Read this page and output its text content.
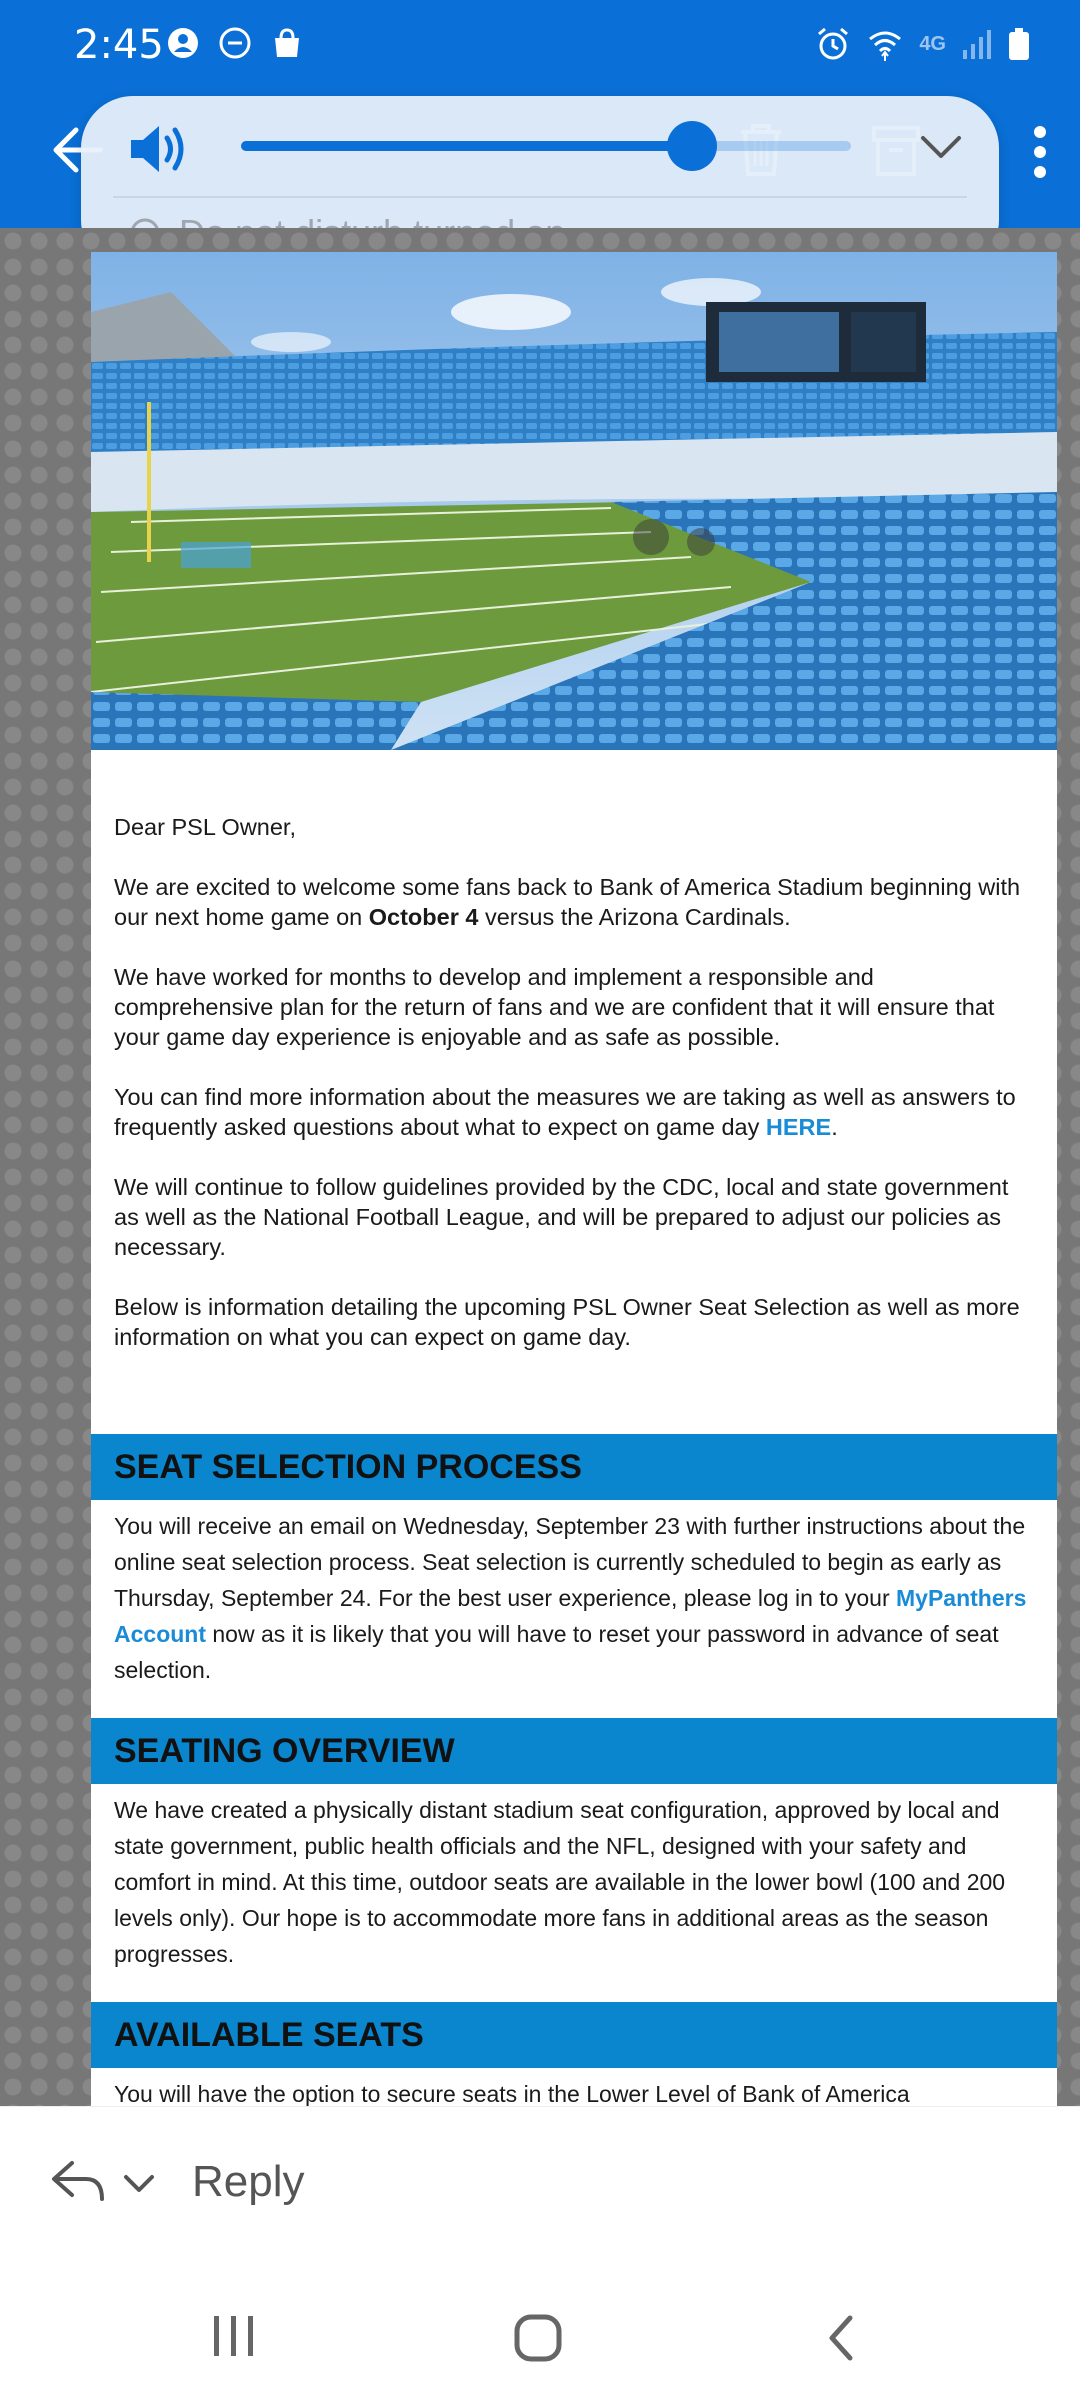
2:45	4G

Dear PSL Owner,

We are excited to welcome some fans back to Bank of America Stadium beginning with our next home game on October 4 versus the Arizona Cardinals.

We have worked for months to develop and implement a responsible and comprehensive plan for the return of fans and we are confident that it will ensure that your game day experience is enjoyable and as safe as possible.

You can find more information about the measures we are taking as well as answers to frequently asked questions about what to expect on game day HERE.

We will continue to follow guidelines provided by the CDC, local and state government as well as the National Football League, and will be prepared to adjust our policies as necessary.

Below is information detailing the upcoming PSL Owner Seat Selection as well as more information on what you can expect on game day.

SEAT SELECTION PROCESS

You will receive an email on Wednesday, September 23 with further instructions about the online seat selection process. Seat selection is currently scheduled to begin as early as Thursday, September 24. For the best user experience, please log in to your MyPanthers Account now as it is likely that you will have to reset your password in advance of seat selection.

SEATING OVERVIEW

We have created a physically distant stadium seat configuration, approved by local and state government, public health officials and the NFL, designed with your safety and comfort in mind. At this time, outdoor seats are available in the lower bowl (100 and 200 levels only). Our hope is to accommodate more fans in additional areas as the season progresses.

AVAILABLE SEATS

You will have the option to secure seats in the Lower Level of Bank of America

Reply
